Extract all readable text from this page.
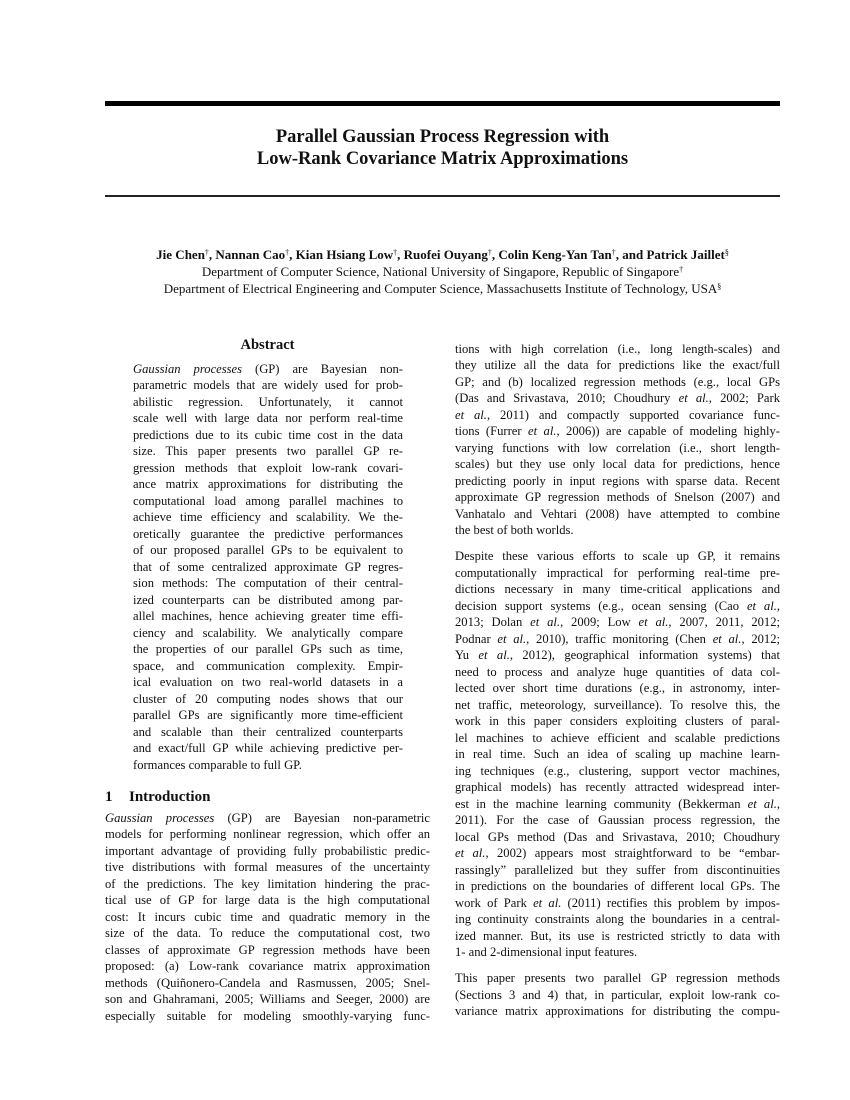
Parallel Gaussian Process Regression with
Low-Rank Covariance Matrix Approximations
Jie Chen†, Nannan Cao†, Kian Hsiang Low†, Ruofei Ouyang†, Colin Keng-Yan Tan†, and Patrick Jaillet§
Department of Computer Science, National University of Singapore, Republic of Singapore†
Department of Electrical Engineering and Computer Science, Massachusetts Institute of Technology, USA§
Abstract
Gaussian processes (GP) are Bayesian non-
parametric models that are widely used for prob-
abilistic regression. Unfortunately, it cannot
scale well with large data nor perform real-time
predictions due to its cubic time cost in the data
size. This paper presents two parallel GP re-
gression methods that exploit low-rank covari-
ance matrix approximations for distributing the
computational load among parallel machines to
achieve time efficiency and scalability. We the-
oretically guarantee the predictive performances
of our proposed parallel GPs to be equivalent to
that of some centralized approximate GP regres-
sion methods: The computation of their central-
ized counterparts can be distributed among par-
allel machines, hence achieving greater time effi-
ciency and scalability. We analytically compare
the properties of our parallel GPs such as time,
space, and communication complexity. Empir-
ical evaluation on two real-world datasets in a
cluster of 20 computing nodes shows that our
parallel GPs are significantly more time-efficient
and scalable than their centralized counterparts
and exact/full GP while achieving predictive per-
formances comparable to full GP.
1 Introduction
Gaussian processes (GP) are Bayesian non-parametric
models for performing nonlinear regression, which offer an
important advantage of providing fully probabilistic predic-
tive distributions with formal measures of the uncertainty
of the predictions. The key limitation hindering the prac-
tical use of GP for large data is the high computational
cost: It incurs cubic time and quadratic memory in the
size of the data. To reduce the computational cost, two
classes of approximate GP regression methods have been
proposed: (a) Low-rank covariance matrix approximation
methods (Quiñonero-Candela and Rasmussen, 2005; Snel-
son and Ghahramani, 2005; Williams and Seeger, 2000) are
especially suitable for modeling smoothly-varying func-
tions with high correlation (i.e., long length-scales) and
they utilize all the data for predictions like the exact/full
GP; and (b) localized regression methods (e.g., local GPs
(Das and Srivastava, 2010; Choudhury et al., 2002; Park
et al., 2011) and compactly supported covariance func-
tions (Furrer et al., 2006)) are capable of modeling highly-
varying functions with low correlation (i.e., short length-
scales) but they use only local data for predictions, hence
predicting poorly in input regions with sparse data. Recent
approximate GP regression methods of Snelson (2007) and
Vanhatalo and Vehtari (2008) have attempted to combine
the best of both worlds.
Despite these various efforts to scale up GP, it remains
computationally impractical for performing real-time pre-
dictions necessary in many time-critical applications and
decision support systems (e.g., ocean sensing (Cao et al.,
2013; Dolan et al., 2009; Low et al., 2007, 2011, 2012;
Podnar et al., 2010), traffic monitoring (Chen et al., 2012;
Yu et al., 2012), geographical information systems) that
need to process and analyze huge quantities of data col-
lected over short time durations (e.g., in astronomy, inter-
net traffic, meteorology, surveillance). To resolve this, the
work in this paper considers exploiting clusters of paral-
lel machines to achieve efficient and scalable predictions
in real time. Such an idea of scaling up machine learn-
ing techniques (e.g., clustering, support vector machines,
graphical models) has recently attracted widespread inter-
est in the machine learning community (Bekkerman et al.,
2011). For the case of Gaussian process regression, the
local GPs method (Das and Srivastava, 2010; Choudhury
et al., 2002) appears most straightforward to be “embar-
rassingly” parallelized but they suffer from discontinuities
in predictions on the boundaries of different local GPs. The
work of Park et al. (2011) rectifies this problem by impos-
ing continuity constraints along the boundaries in a central-
ized manner. But, its use is restricted strictly to data with
1- and 2-dimensional input features.
This paper presents two parallel GP regression methods
(Sections 3 and 4) that, in particular, exploit low-rank co-
variance matrix approximations for distributing the compu-
